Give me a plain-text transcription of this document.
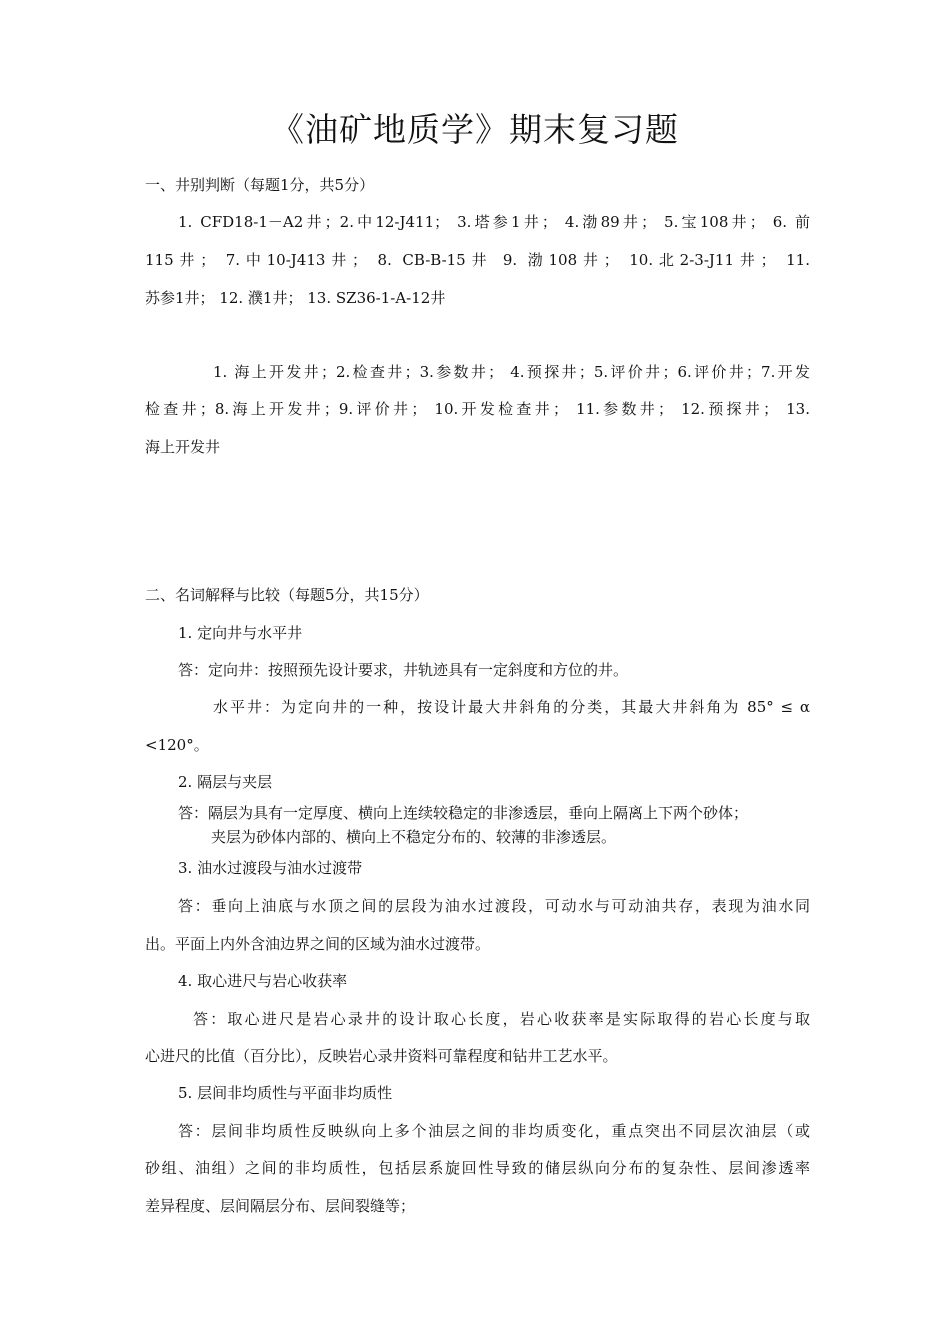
《油矿地质学》期末复习题
一、井别判断（每题1分，共5分）
1. CFD18-1－A2井；2.中12-J411； 3.塔参1井； 4.渤89井； 5.宝108井； 6. 前
115井； 7.中10-J413井； 8. CB-B-15井 9. 渤108井； 10.北2-3-J11井； 11.
苏参1井； 12. 濮1井； 13. SZ36-1-A-12井
1. 海上开发井；2.检查井；3.参数井； 4.预探井；5.评价井；6.评价井；7.开发
检查井；8.海上开发井；9.评价井； 10.开发检查井； 11.参数井； 12.预探井； 13.
海上开发井
二、名词解释与比较（每题5分，共15分）
1. 定向井与水平井
答：定向井：按照预先设计要求，井轨迹具有一定斜度和方位的井。
水平井：为定向井的一种，按设计最大井斜角的分类，其最大井斜角为 85° ≤ α
<120°。
2. 隔层与夹层
答：隔层为具有一定厚度、横向上连续较稳定的非渗透层，垂向上隔离上下两个砂体；
夹层为砂体内部的、横向上不稳定分布的、较薄的非渗透层。
3. 油水过渡段与油水过渡带
答：垂向上油底与水顶之间的层段为油水过渡段，可动水与可动油共存，表现为油水同
出。平面上内外含油边界之间的区域为油水过渡带。
4. 取心进尺与岩心收获率
答：取心进尺是岩心录井的设计取心长度，岩心收获率是实际取得的岩心长度与取
心进尺的比值（百分比），反映岩心录井资料可靠程度和钻井工艺水平。
5. 层间非均质性与平面非均质性
答：层间非均质性反映纵向上多个油层之间的非均质变化，重点突出不同层次油层（或
砂组、油组）之间的非均质性，包括层系旋回性导致的储层纵向分布的复杂性、层间渗透率
差异程度、层间隔层分布、层间裂缝等；
